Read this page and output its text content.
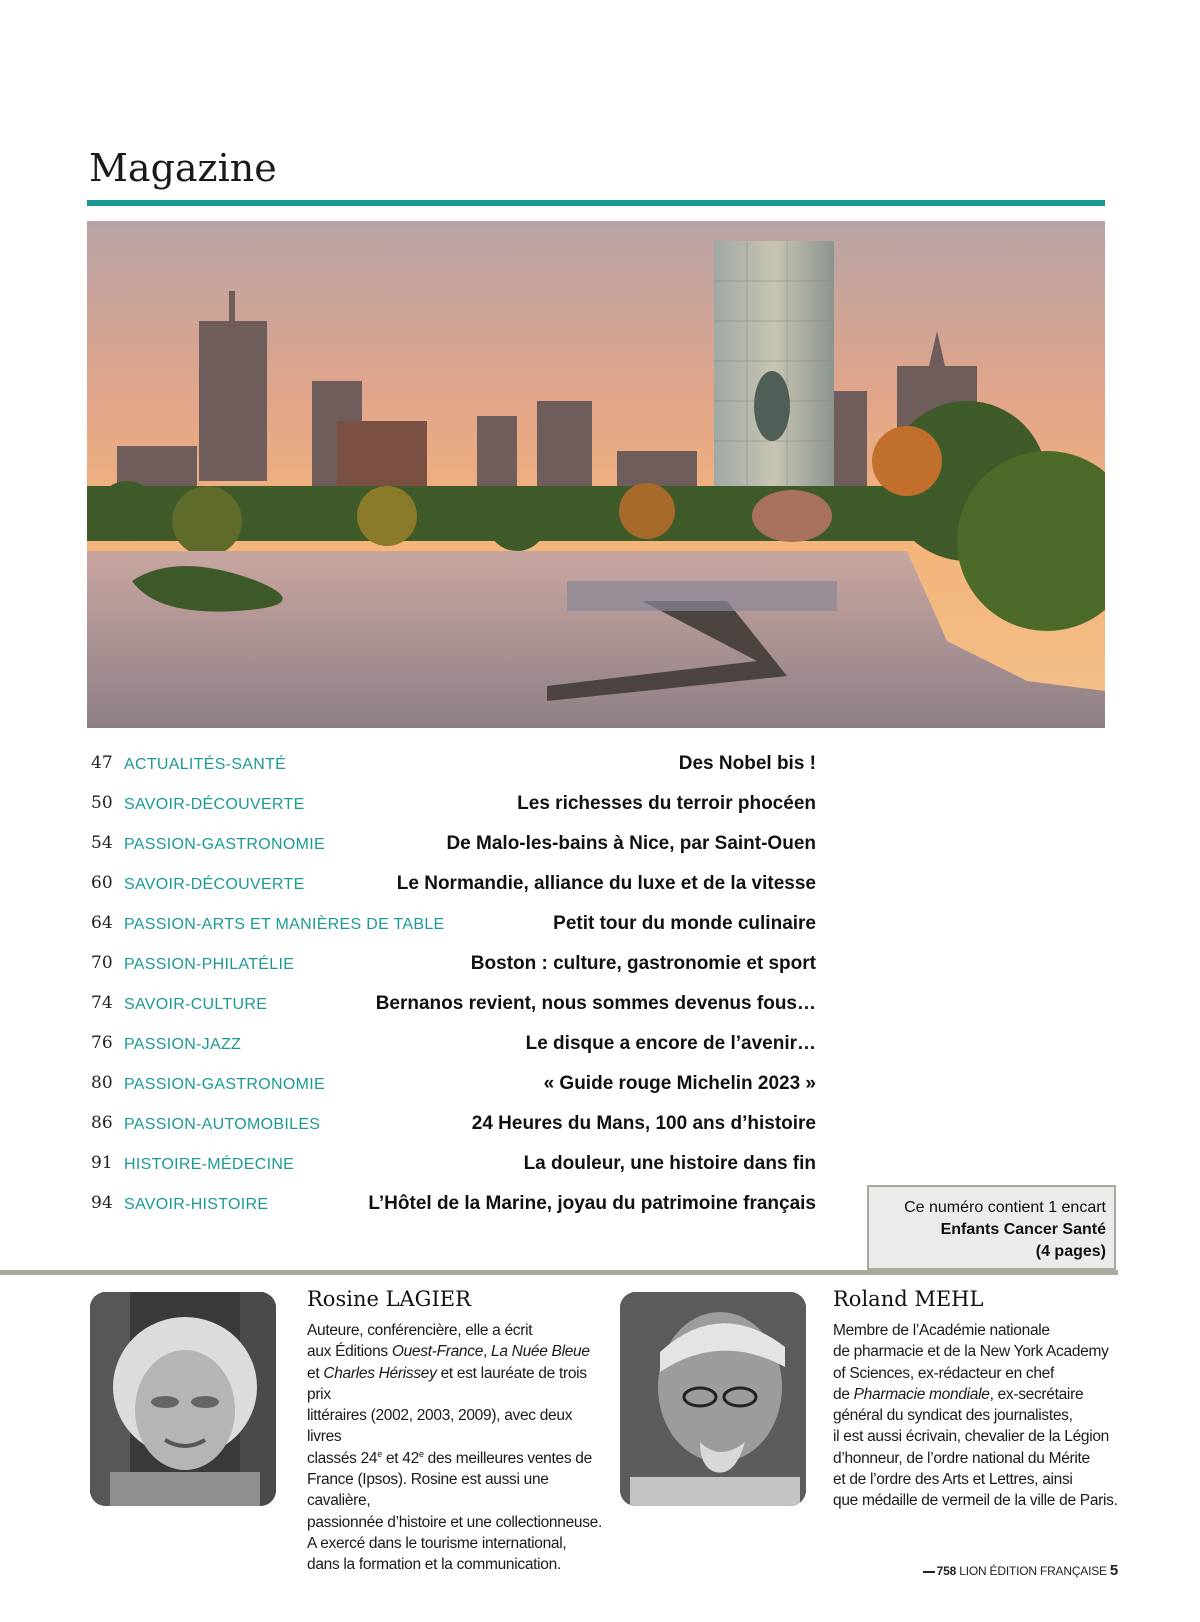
Magazine
47 ACTUALITÉS-SANTÉ	Des Nobel bis !
50 SAVOIR-DÉCOUVERTE	Les richesses du terroir phocéen
54 PASSION-GASTRONOMIE	De Malo-les-bains à Nice, par Saint-Ouen
60 SAVOIR-DÉCOUVERTE	Le Normandie, alliance du luxe et de la vitesse
64 PASSION-ARTS ET MANIÈRES DE TABLE	Petit tour du monde culinaire
70 PASSION-PHILATÉLIE	Boston : culture, gastronomie et sport
74 SAVOIR-CULTURE	Bernanos revient, nous sommes devenus fous…
76 PASSION-JAZZ	Le disque a encore de l’avenir…
80 PASSION-GASTRONOMIE	« Guide rouge Michelin 2023 »
86 PASSION-AUTOMOBILES	24 Heures du Mans, 100 ans d’histoire
91 HISTOIRE-MÉDECINE	La douleur, une histoire dans fin
94 SAVOIR-HISTOIRE	L’Hôtel de la Marine, joyau du patrimoine français	Ce numéro contient 1 encart
Enfants Cancer Santé
(4 pages)
Rosine LAGIER
Auteure, conférencière, elle a écrit
aux Éditions Ouest-France, La Nuée Bleue
et Charles Hérissey et est lauréate de trois prix
littéraires (2002, 2003, 2009), avec deux livres
classés 24e et 42e des meilleures ventes de
France (Ipsos). Rosine est aussi une cavalière,
passionnée d’histoire et une collectionneuse.
A exercé dans le tourisme international,
dans la formation et la communication.
Roland MEHL
Membre de l’Académie nationale
de pharmacie et de la New York Academy
of Sciences, ex-rédacteur en chef
de Pharmacie mondiale, ex-secrétaire
général du syndicat des journalistes,
il est aussi écrivain, chevalier de la Légion
d’honneur, de l’ordre national du Mérite
et de l’ordre des Arts et Lettres, ainsi
que médaille de vermeil de la ville de Paris.
758 LION ÉDITION FRANÇAISE 5
